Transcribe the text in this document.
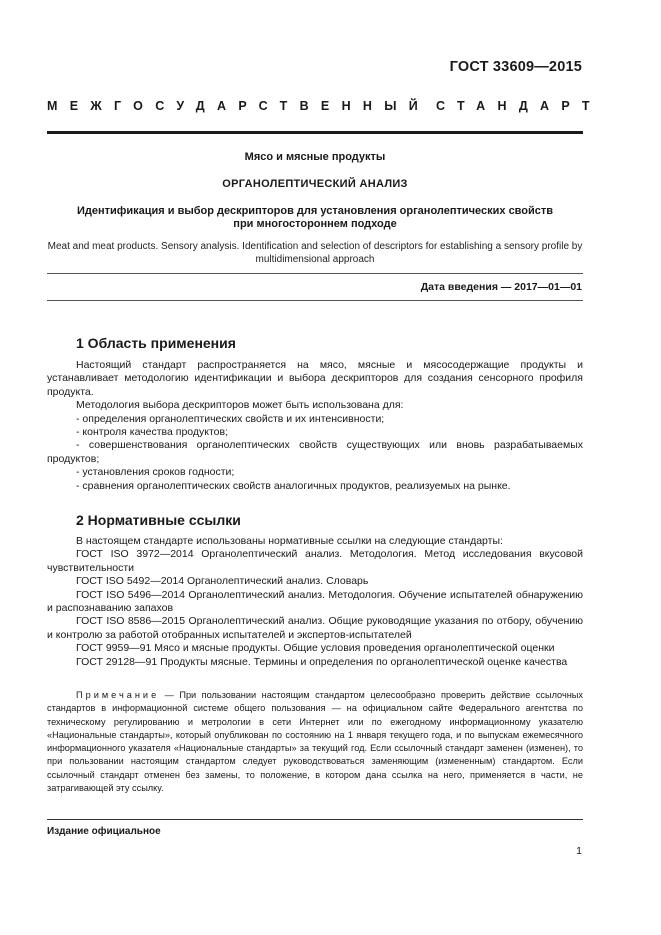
ГОСТ 33609—2015
МЕЖГОСУДАРСТВЕННЫЙ СТАНДАРТ
Мясо и мясные продукты
ОРГАНОЛЕПТИЧЕСКИЙ АНАЛИЗ
Идентификация и выбор дескрипторов для установления органолептических свойств
при многостороннем подходе
Meat and meat products. Sensory analysis. Identification and selection of descriptors for establishing a sensory profile by
multidimensional approach
Дата введения — 2017—01—01
1 Область применения

Настоящий стандарт распространяется на мясо, мясные и мясосодержащие продукты и устанавливает методологию идентификации и выбора дескрипторов для создания сенсорного профиля продукта.

Методология выбора дескрипторов может быть использована для:

- определения органолептических свойств и их интенсивности;

- контроля качества продуктов;

- совершенствования органолептических свойств существующих или вновь разрабатываемых продуктов;

- установления сроков годности;

- сравнения органолептических свойств аналогичных продуктов, реализуемых на рынке.

2 Нормативные ссылки

В настоящем стандарте использованы нормативные ссылки на следующие стандарты:

ГОСТ ISO 3972—2014 Органолептический анализ. Методология. Метод исследования вкусовой чувствительности

ГОСТ ISO 5492—2014 Органолептический анализ. Словарь

ГОСТ ISO 5496—2014 Органолептический анализ. Методология. Обучение испытателей обнаружению и распознаванию запахов

ГОСТ ISO 8586—2015 Органолептический анализ. Общие руководящие указания по отбору, обучению и контролю за работой отобранных испытателей и экспертов-испытателей

ГОСТ 9959—91 Мясо и мясные продукты. Общие условия проведения органолептической оценки

ГОСТ 29128—91 Продукты мясные. Термины и определения по органолептической оценке качества

Примечание — При пользовании настоящим стандартом целесообразно проверить действие ссылочных стандартов в информационной системе общего пользования — на официальном сайте Федерального агентства по техническому регулированию и метрологии в сети Интернет или по ежегодному информационному указателю «Национальные стандарты», который опубликован по состоянию на 1 января текущего года, и по выпускам ежемесячного информационного указателя «Национальные стандарты» за текущий год. Если ссылочный стандарт заменен (изменен), то при пользовании настоящим стандартом следует руководствоваться заменяющим (измененным) стандартом. Если ссылочный стандарт отменен без замены, то положение, в котором дана ссылка на него, применяется в части, не затрагивающей эту ссылку.

Издание официальное
1
